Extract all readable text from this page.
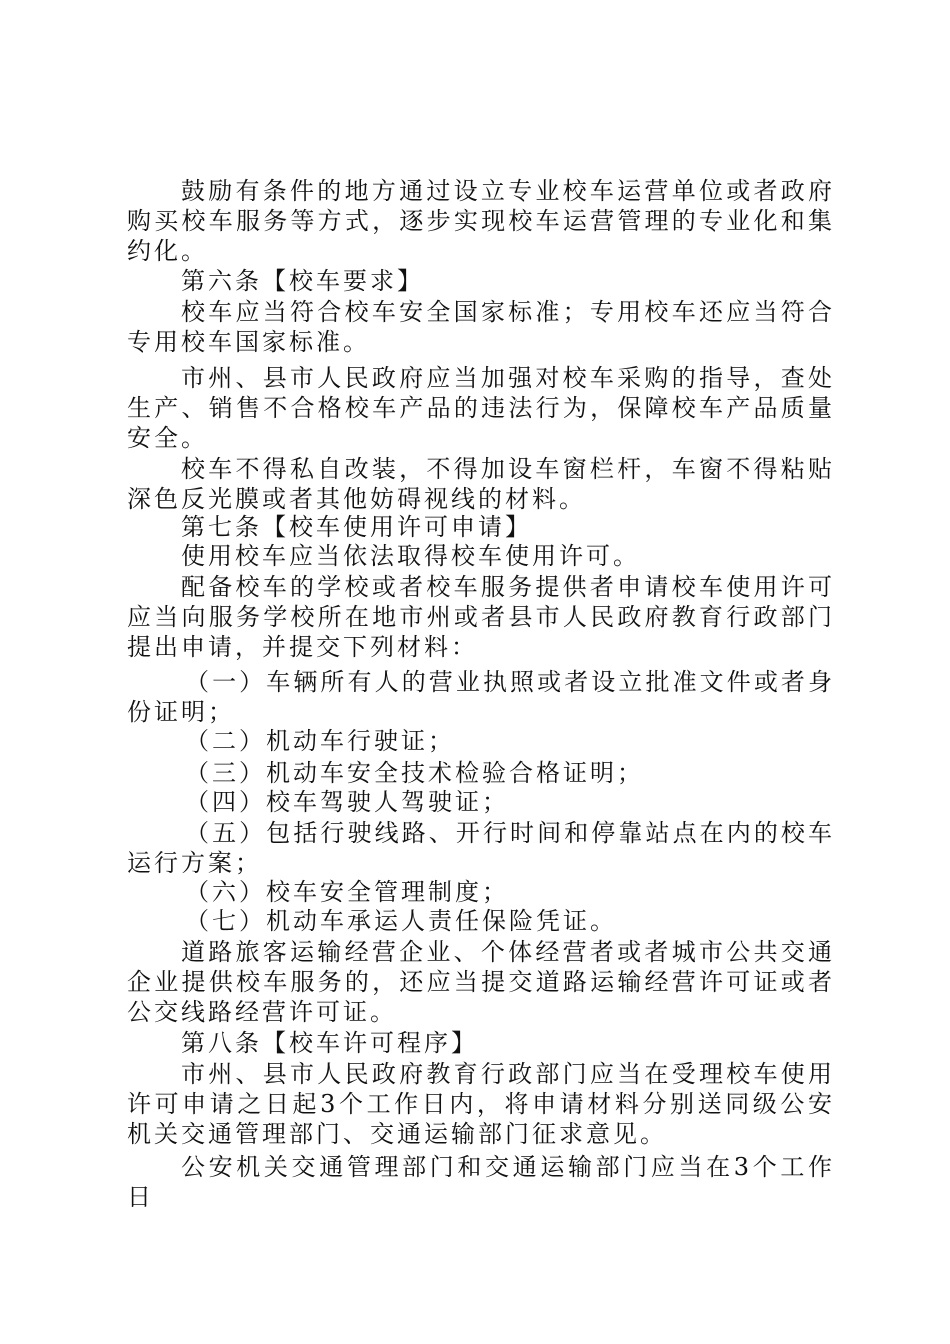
鼓励有条件的地方通过设立专业校车运营单位或者政府购买校车服务等方式，逐步实现校车运营管理的专业化和集约化。

第六条【校车要求】

校车应当符合校车安全国家标准；专用校车还应当符合专用校车国家标准。

市州、县市人民政府应当加强对校车采购的指导，查处生产、销售不合格校车产品的违法行为，保障校车产品质量安全。

校车不得私自改装，不得加设车窗栏杆，车窗不得粘贴深色反光膜或者其他妨碍视线的材料。

第七条【校车使用许可申请】

使用校车应当依法取得校车使用许可。

配备校车的学校或者校车服务提供者申请校车使用许可应当向服务学校所在地市州或者县市人民政府教育行政部门提出申请，并提交下列材料：

（一）车辆所有人的营业执照或者设立批准文件或者身份证明；

（二）机动车行驶证；

（三）机动车安全技术检验合格证明；

（四）校车驾驶人驾驶证；

（五）包括行驶线路、开行时间和停靠站点在内的校车运行方案；

（六）校车安全管理制度；

（七）机动车承运人责任保险凭证。

道路旅客运输经营企业、个体经营者或者城市公共交通企业提供校车服务的，还应当提交道路运输经营许可证或者公交线路经营许可证。

第八条【校车许可程序】

市州、县市人民政府教育行政部门应当在受理校车使用许可申请之日起3个工作日内，将申请材料分别送同级公安机关交通管理部门、交通运输部门征求意见。

公安机关交通管理部门和交通运输部门应当在3个工作日
